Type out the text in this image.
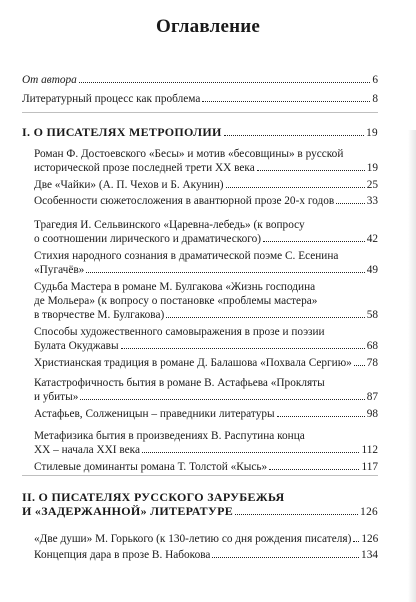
Оглавление
От автора	6
Литературный процесс как проблема	8
I. О ПИСАТЕЛЯХ МЕТРОПОЛИИ	19
Роман Ф. Достоевского «Бесы» и мотив «бесовщины» в русской
исторической прозе последней трети XX века	19
Две «Чайки» (А. П. Чехов и Б. Акунин)	25
Особенности сюжетосложения в авантюрной прозе 20-х годов	33
Трагедия И. Сельвинского «Царевна-лебедь» (к вопросу
о соотношении лирического и драматического)	42
Стихия народного сознания в драматической поэме С. Есенина
«Пугачёв»	49
Судьба Мастера в романе М. Булгакова «Жизнь господина
де Мольера» (к вопросу о постановке «проблемы мастера»
в творчестве М. Булгакова)	58
Способы художественного самовыражения в прозе и поэзии
Булата Окуджавы	68
Христианская традиция в романе Д. Балашова «Похвала Сергию» 78
Катастрофичность бытия в романе В. Астафьева «Прокляты
и убиты»	87
Астафьев, Солженицын – праведники литературы	98
Метафизика бытия в произведениях В. Распутина конца
XX – начала XXI века	112
Стилевые доминанты романа Т. Толстой «Кысь»	117
II. О ПИСАТЕЛЯХ РУССКОГО ЗАРУБЕЖЬЯ
И «ЗАДЕРЖАННОЙ» ЛИТЕРАТУРЕ	126
«Две души» М. Горького (к 130-летию со дня рождения писателя) 126
Концепция дара в прозе В. Набокова	134
